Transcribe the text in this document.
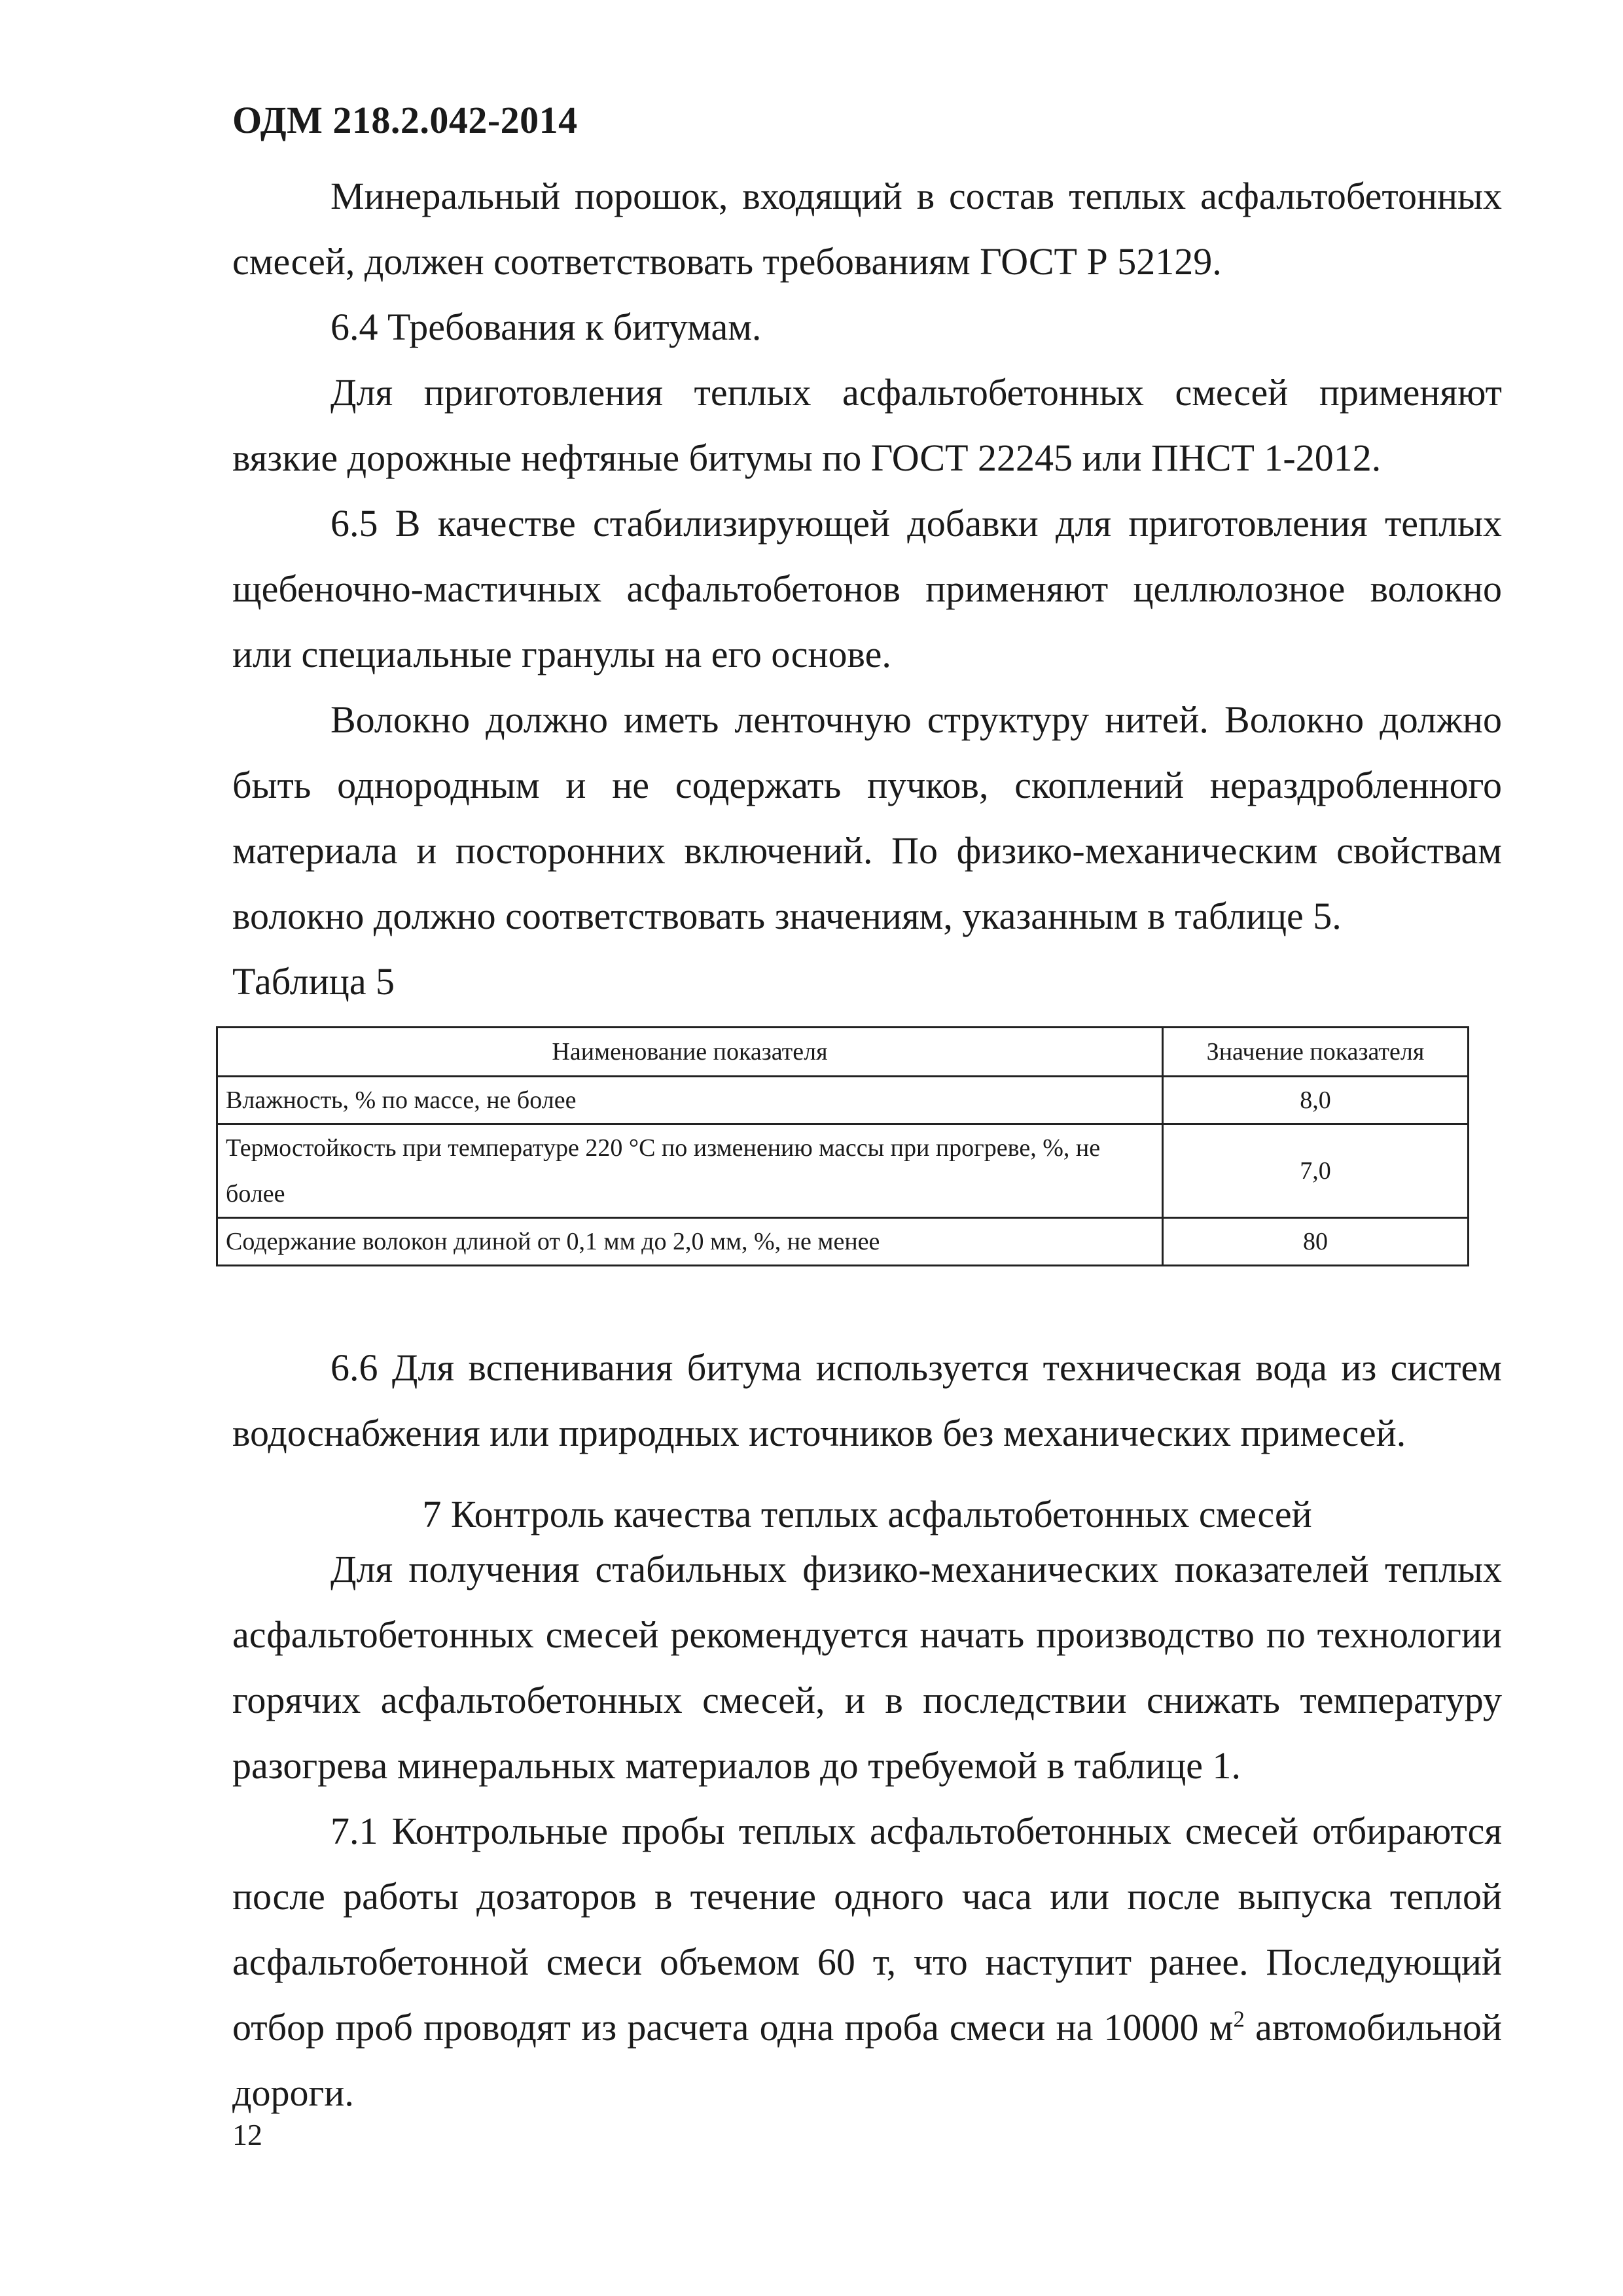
ОДМ 218.2.042-2014

Минеральный порошок, входящий в состав теплых асфальтобетонных смесей, должен соответствовать требованиям ГОСТ Р 52129.

6.4 Требования к битумам.

Для приготовления теплых асфальтобетонных смесей применяют вязкие дорожные нефтяные битумы по ГОСТ 22245 или ПНСТ 1-2012.

6.5 В качестве стабилизирующей добавки для приготовления теплых щебеночно-мастичных асфальтобетонов применяют целлюлозное волокно или специальные гранулы на его основе.

Волокно должно иметь ленточную структуру нитей. Волокно должно быть однородным и не содержать пучков, скоплений нераздробленного материала и посторонних включений. По физико-механическим свойствам волокно должно соответствовать значениям, указанным в таблице 5.

Таблица 5

Наименование показателя	Значение показателя
Влажность, % по массе, не более	8,0
Термостойкость при температуре 220 °С по изменению массы при прогреве, %, не более	7,0
Содержание волокон длиной от 0,1 мм до 2,0 мм, %, не менее	80

6.6 Для вспенивания битума используется техническая вода из систем водоснабжения или природных источников без механических примесей.

7 Контроль качества теплых асфальтобетонных смесей

Для получения стабильных физико-механических показателей теплых асфальтобетонных смесей рекомендуется начать производство по технологии горячих асфальтобетонных смесей, и в последствии снижать температуру разогрева минеральных материалов до требуемой в таблице 1.

7.1 Контрольные пробы теплых асфальтобетонных смесей отбираются после работы дозаторов в течение одного часа или после выпуска теплой асфальтобетонной смеси объемом 60 т, что наступит ранее. Последующий отбор проб проводят из расчета одна проба смеси на 10000 $м^2$ автомобильной дороги.

12
